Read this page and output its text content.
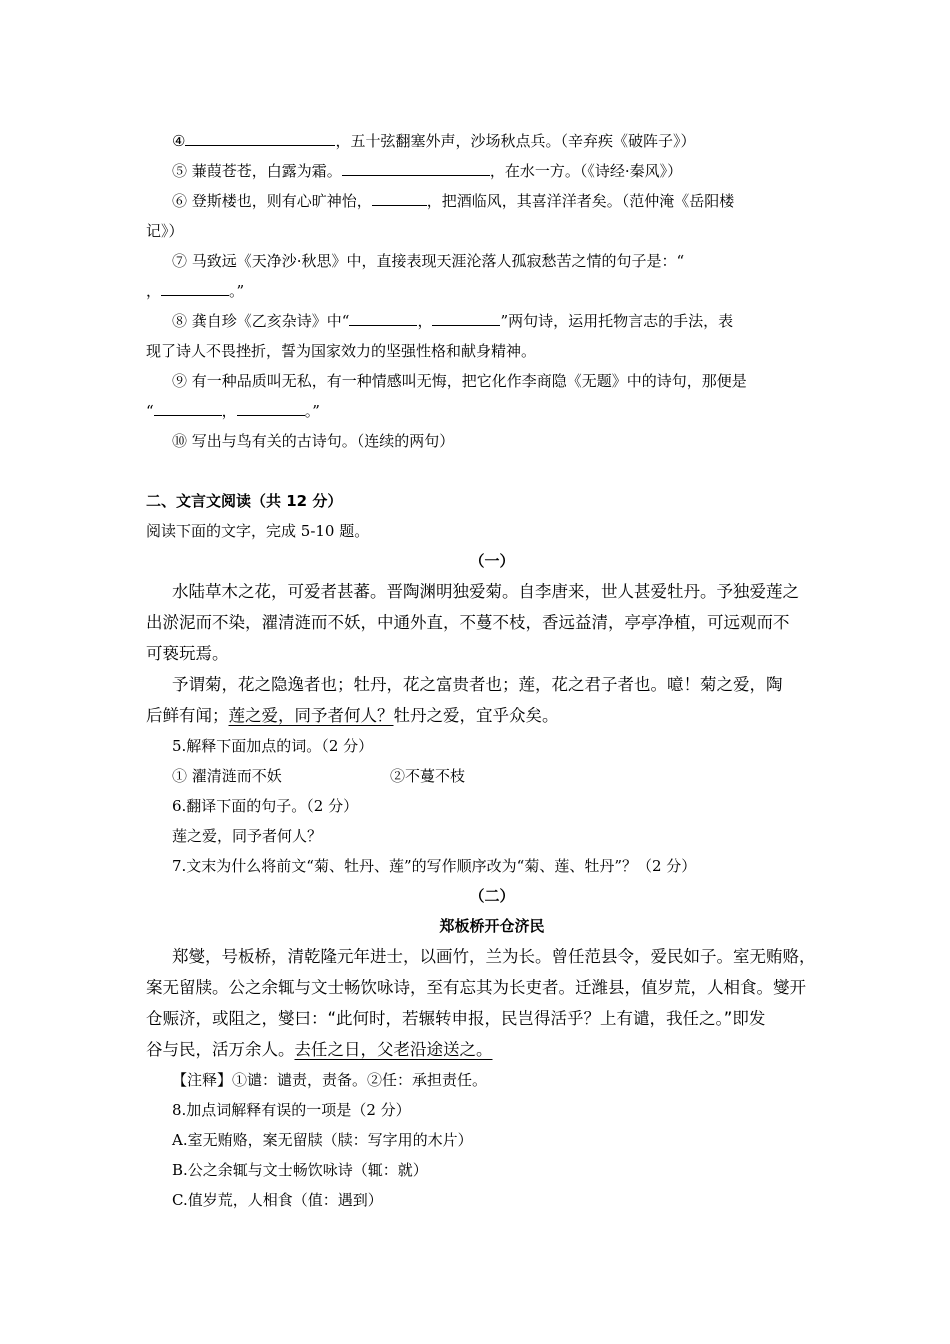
④	，五十弦翻塞外声，沙场秋点兵。（辛弃疾《破阵子》）
⑤ 蒹葭苍苍，白露为霜。	，在水一方。（《诗经·秦风》）
⑥ 登斯楼也，则有心旷神怡，	，把酒临风，其喜洋洋者矣。（范仲淹《岳阳楼
记》）
⑦ 马致远《天净沙·秋思》中，直接表现天涯沦落人孤寂愁苦之情的句子是：“
，	。”
⑧ 龚自珍《乙亥杂诗》中“	，	”两句诗，运用托物言志的手法，表
现了诗人不畏挫折，誓为国家效力的坚强性格和献身精神。
⑨ 有一种品质叫无私，有一种情感叫无悔，把它化作李商隐《无题》中的诗句，那便是
“	，	。”
⑩ 写出与鸟有关的古诗句。（连续的两句）
二、文言文阅读（共 12 分）
阅读下面的文字，完成 5-10 题。
（一）
水陆草木之花，可爱者甚蕃。晋陶渊明独爱菊。自李唐来，世人甚爱牡丹。予独爱莲之
出淤泥而不染，濯清涟而不妖，中通外直，不蔓不枝，香远益清，亭亭净植，可远观而不
可亵玩焉。
予谓菊，花之隐逸者也；牡丹，花之富贵者也；莲，花之君子者也。噫！菊之爱，陶
后鲜有闻；莲之爱，同予者何人？牡丹之爱，宜乎众矣。
5.解释下面加点的词。（2 分）
① 濯清涟而不妖	②不蔓不枝
6.翻译下面的句子。（2 分）
莲之爱，同予者何人？
7.文末为什么将前文“菊、牡丹、莲”的写作顺序改为“菊、莲、牡丹”？（2 分）
（二）
郑板桥开仓济民
郑燮，号板桥，清乾隆元年进士，以画竹，兰为长。曾任范县令，爱民如子。室无贿赂，
案无留牍。公之余辄与文士畅饮咏诗，至有忘其为长吏者。迁潍县，值岁荒，人相食。燮开
仓赈济，或阻之，燮曰：“此何时，若辗转申报，民岂得活乎？上有谴，我任之。”即发
谷与民，活万余人。去任之日，父老沿途送之。
【注释】①谴：谴责，责备。②任：承担责任。
8.加点词解释有误的一项是（2 分）
A.室无贿赂，案无留牍（牍：写字用的木片）
B.公之余辄与文士畅饮咏诗（辄：就）
C.值岁荒，人相食（值：遇到）
